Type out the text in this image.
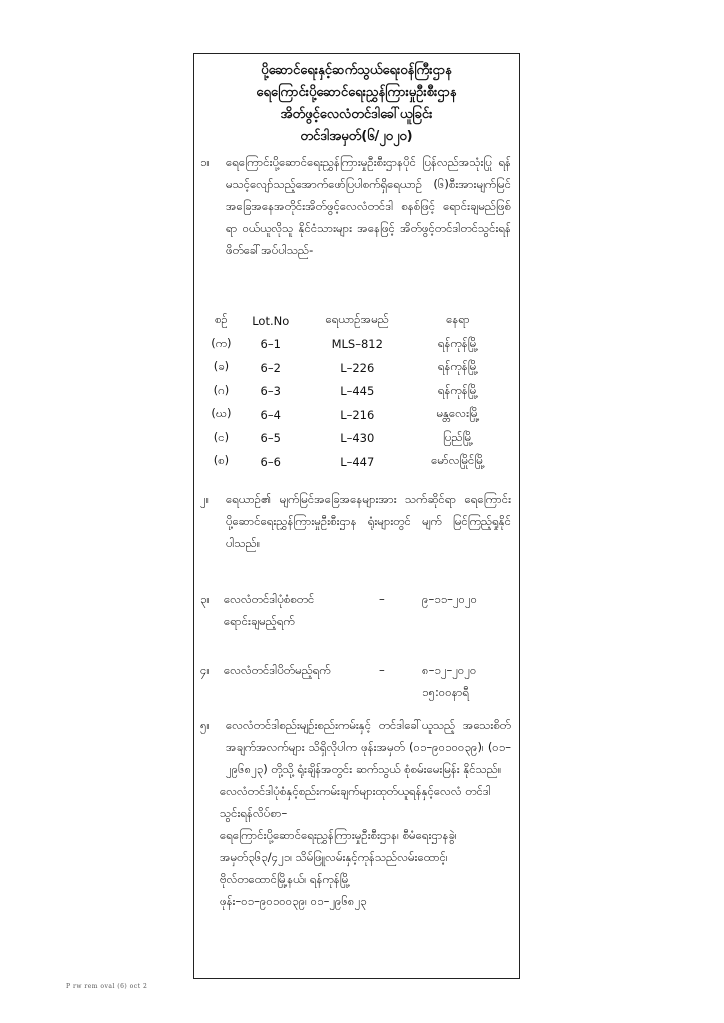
ပို့ဆောင်ရေးနှင့်ဆက်သွယ်ရေးဝန်ကြီးဌာန
ရေကြောင်းပို့ဆောင်ရေးညွှန်ကြားမှုဦးစီးဌာန
အိတ်ဖွင့်လေလံတင်ဒါခေါ်ယူခြင်း
တင်ဒါအမှတ်(၆/၂၀၂၀)
၁။ ရေကြောင်းပို့ဆောင်ရေးညွှန်ကြားမှုဦးစီးဌာနပိုင် ပြန်လည်အသုံးပြု ရန်မသင့်လျော်သည့်အောက်ဖော်ပြပါစက်ရှိရေယာဉ် (၆)စီးအားမျက်မြင်အခြေအနေအတိုင်းအိတ်ဖွင့်လေလံတင်ဒါ စနစ်ဖြင့် ရောင်းချမည်ဖြစ်ရာ ဝယ်ယူလိုသူ နိုင်ငံသားများ အနေဖြင့် အိတ်ဖွင့်တင်ဒါတင်သွင်းရန် ဖိတ်ခေါ်အပ်ပါသည်-
စဉ်	Lot.No	ရေယာဉ်အမည်	နေရာ
(က)	6–1	MLS–812	ရန်ကုန်မြို့
(ခ)	6–2	L–226	ရန်ကုန်မြို့
(ဂ)	6–3	L–445	ရန်ကုန်မြို့
(ဃ)	6–4	L–216	မန္တလေးမြို့
(င)	6–5	L–430	ပြည်မြို့
(စ)	6–6	L–447	မော်လမြိုင်မြို့
၂။ ရေယာဉ်၏ မျက်မြင်အခြေအနေများအား သက်ဆိုင်ရာ ရေကြောင်းပို့ဆောင်ရေးညွှန်ကြားမှုဦးစီးဌာန ရုံးများတွင် မျက် မြင်ကြည့်ရှုနိုင်ပါသည်။
၃။ လေလံတင်ဒါပုံစံစတင်
ရောင်းချမည့်ရက်
–	၉–၁၁–၂၀၂၀
၄။ လေလံတင်ဒါပိတ်မည့်ရက်	–	၈–၁၂–၂၀၂၀
၁၅:၀၀နာရီ
၅။ လေလံတင်ဒါစည်းမျဉ်းစည်းကမ်းနှင့် တင်ဒါခေါ်ယူသည့် အသေးစိတ်အချက်အလက်များ သိရှိလိုပါက ဖုန်းအမှတ် (၀၁–၉၀၁၀၀၃၉)၊ (၀၁–၂၉၆၈၂၃) တို့သို့ ရုံးချိန်အတွင်း ဆက်သွယ် စုံစမ်းမေးမြန်း နိုင်သည်။
လေလံတင်ဒါပုံစံနှင့်စည်းကမ်းချက်များထုတ်ယူရန်နှင့်လေလံ တင်ဒါသွင်းရန်လိပ်စာ–
ရေကြောင်းပို့ဆောင်ရေးညွှန်ကြားမှုဦးစီးဌာန၊ စီမံရေးဌာနခွဲ၊
အမှတ်၃၆၃/၄၂၁၊ သိမ်ဖြူလမ်းနှင့်ကုန်သည်လမ်းထောင့်၊
ဗိုလ်တထောင်မြို့နယ်၊ ရန်ကုန်မြို့
ဖုန်း–၀၁–၉၀၁၀၀၃၉၊ ၀၁–၂၉၆၈၂၃
P rw rem oval (6) oct 2
